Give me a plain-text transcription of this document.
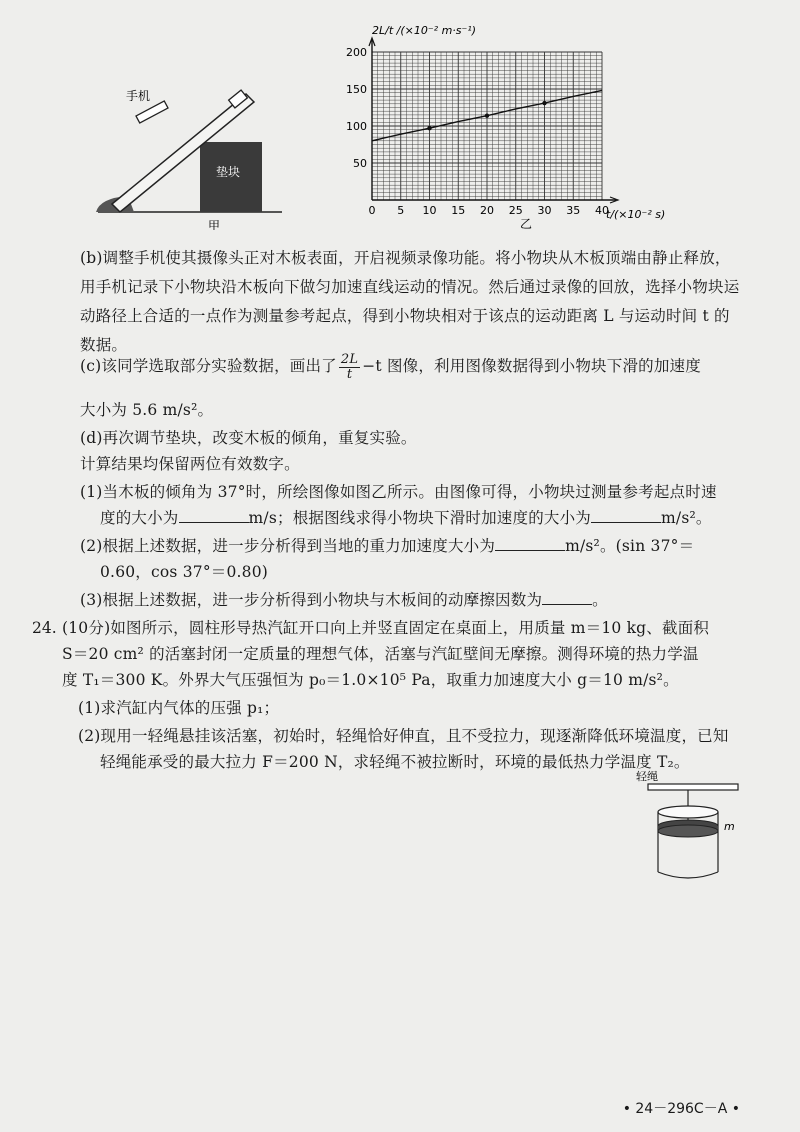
手机
垫块
甲
0 5 10 15 20 25 30 35 40
50
100
150
200
2L/t /(×10⁻² m·s⁻¹)
t/(×10⁻² s)
乙
(b)调整手机使其摄像头正对木板表面，开启视频录像功能。将小物块从木板顶端由静止释放，用手机记录下小物块沿木板向下做匀加速直线运动的情况。然后通过录像的回放，选择小物块运动路径上合适的一点作为测量参考起点，得到小物块相对于该点的运动距离 L 与运动时间 t 的数据。
(c)该同学选取部分实验数据，画出了 $\frac{2L}{t} -t$ 图像，利用图像数据得到小物块下滑的加速度
大小为 5.6 m/s²。
(d)再次调节垫块，改变木板的倾角，重复实验。
计算结果均保留两位有效数字。
(1)当木板的倾角为 37°时，所绘图像如图乙所示。由图像可得，小物块过测量参考起点时速
度的大小为	m/s；根据图线求得小物块下滑时加速度的大小为	m/s²。
(2)根据上述数据，进一步分析得到当地的重力加速度大小为	m/s²。(sin 37°＝
0.60，cos 37°＝0.80)
(3)根据上述数据，进一步分析得到小物块与木板间的动摩擦因数为	。
24. (10分)如图所示，圆柱形导热汽缸开口向上并竖直固定在桌面上，用质量 m＝10 kg、截面积
S＝20 cm² 的活塞封闭一定质量的理想气体，活塞与汽缸壁间无摩擦。测得环境的热力学温
度 T₁＝300 K。外界大气压强恒为 p₀＝1.0×10⁵ Pa，取重力加速度大小 g＝10 m/s²。
(1)求汽缸内气体的压强 p₁；
(2)现用一轻绳悬挂该活塞，初始时，轻绳恰好伸直，且不受拉力，现逐渐降低环境温度，已知
轻绳能承受的最大拉力 F＝200 N，求轻绳不被拉断时，环境的最低热力学温度 T₂。
轻绳
m
• 24－296C－A •
